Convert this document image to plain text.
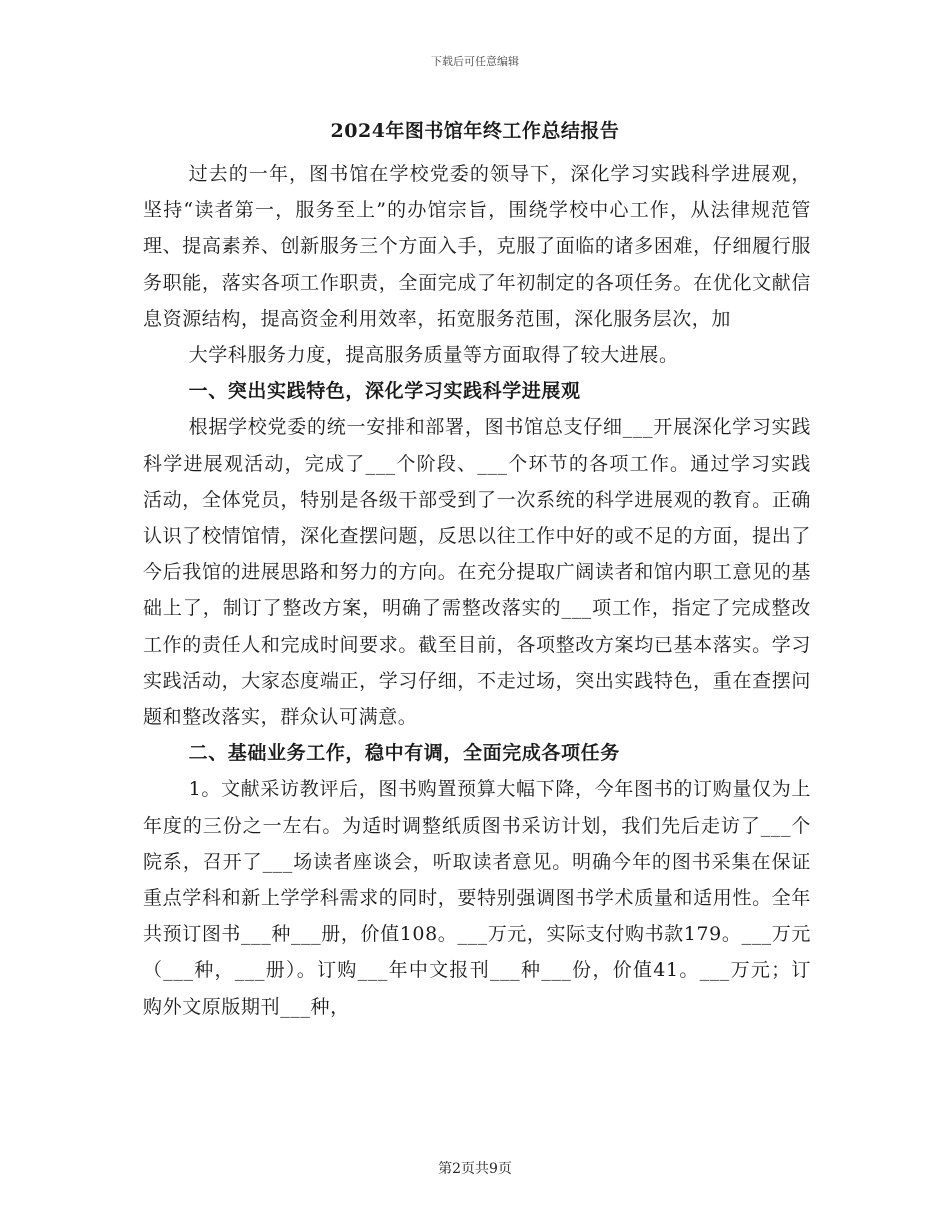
下载后可任意编辑
2024年图书馆年终工作总结报告

过去的一年，图书馆在学校党委的领导下，深化学习实践科学进展观，坚持“读者第一，服务至上”的办馆宗旨，围绕学校中心工作，从法律规范管理、提高素养、创新服务三个方面入手，克服了面临的诸多困难，仔细履行服务职能，落实各项工作职责，全面完成了年初制定的各项任务。在优化文献信息资源结构，提高资金利用效率，拓宽服务范围，深化服务层次，加

大学科服务力度，提高服务质量等方面取得了较大进展。

一、突出实践特色，深化学习实践科学进展观

根据学校党委的统一安排和部署，图书馆总支仔细___开展深化学习实践科学进展观活动，完成了___个阶段、___个环节的各项工作。通过学习实践活动，全体党员，特别是各级干部受到了一次系统的科学进展观的教育。正确认识了校情馆情，深化查摆问题，反思以往工作中好的或不足的方面，提出了今后我馆的进展思路和努力的方向。在充分提取广阔读者和馆内职工意见的基础上了，制订了整改方案，明确了需整改落实的___项工作，指定了完成整改工作的责任人和完成时间要求。截至目前，各项整改方案均已基本落实。学习实践活动，大家态度端正，学习仔细，不走过场，突出实践特色，重在查摆问题和整改落实，群众认可满意。

二、基础业务工作，稳中有调，全面完成各项任务

1。文献采访教评后，图书购置预算大幅下降，今年图书的订购量仅为上年度的三份之一左右。为适时调整纸质图书采访计划，我们先后走访了___个院系，召开了___场读者座谈会，听取读者意见。明确今年的图书采集在保证重点学科和新上学学科需求的同时，要特别强调图书学术质量和适用性。全年共预订图书___种___册，价值108。___万元，实际支付购书款179。___万元（___种，___册）。订购___年中文报刊___种___份，价值41。___万元；订购外文原版期刊___种，

第2页共9页
